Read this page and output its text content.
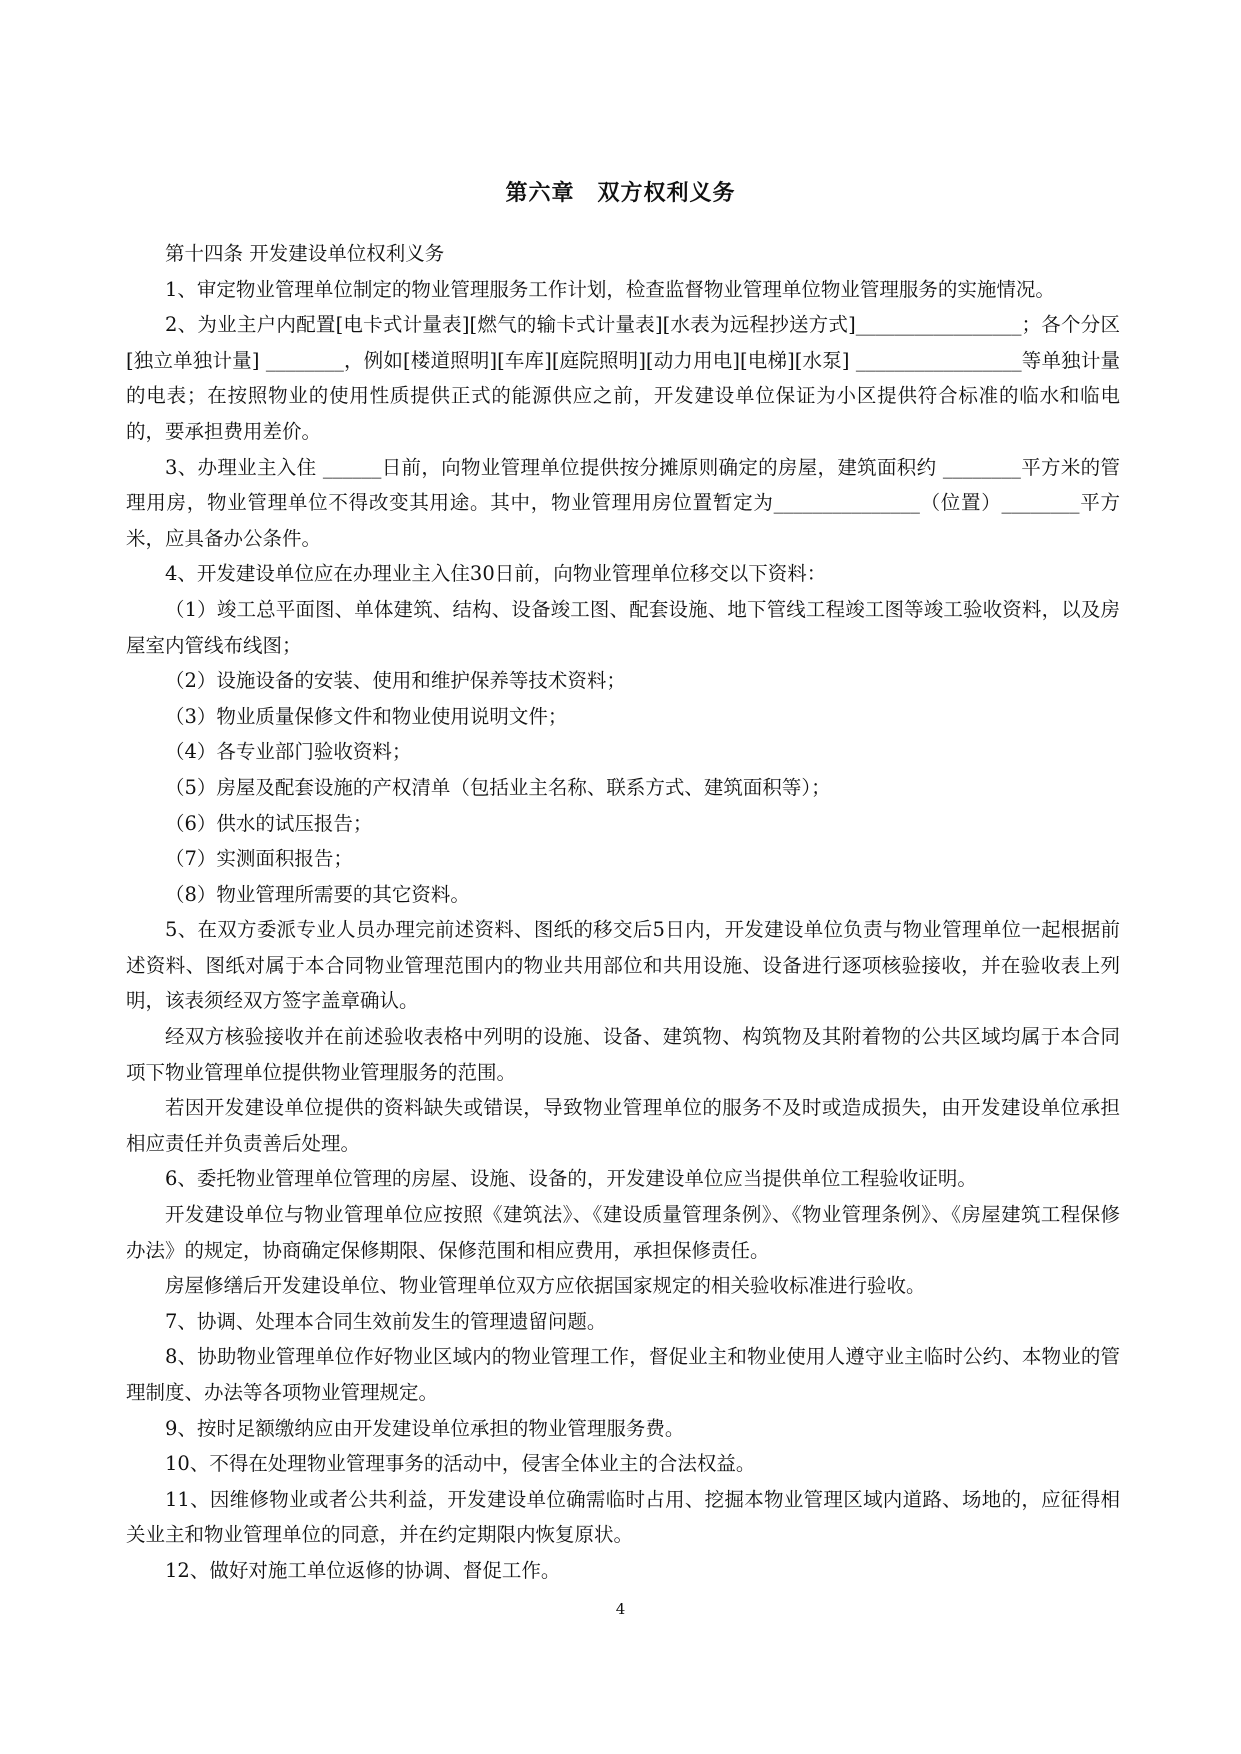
第六章　双方权利义务

第十四条 开发建设单位权利义务

1、审定物业管理单位制定的物业管理服务工作计划，检查监督物业管理单位物业管理服务的实施情况。

2、为业主户内配置[电卡式计量表][燃气的输卡式计量表][水表为远程抄送方式]_________________；各个分区[独立单独计量] ________，例如[楼道照明][车库][庭院照明][动力用电][电梯][水泵] _________________等单独计量的电表；在按照物业的使用性质提供正式的能源供应之前，开发建设单位保证为小区提供符合标准的临水和临电的，要承担费用差价。

3、办理业主入住 ______日前，向物业管理单位提供按分摊原则确定的房屋，建筑面积约 ________平方米的管理用房，物业管理单位不得改变其用途。其中，物业管理用房位置暂定为_______________（位置）________平方米，应具备办公条件。

4、开发建设单位应在办理业主入住30日前，向物业管理单位移交以下资料：

（1）竣工总平面图、单体建筑、结构、设备竣工图、配套设施、地下管线工程竣工图等竣工验收资料，以及房屋室内管线布线图；

（2）设施设备的安装、使用和维护保养等技术资料；

（3）物业质量保修文件和物业使用说明文件；

（4）各专业部门验收资料；

（5）房屋及配套设施的产权清单（包括业主名称、联系方式、建筑面积等）；

（6）供水的试压报告；

（7）实测面积报告；

（8）物业管理所需要的其它资料。

5、在双方委派专业人员办理完前述资料、图纸的移交后5日内，开发建设单位负责与物业管理单位一起根据前述资料、图纸对属于本合同物业管理范围内的物业共用部位和共用设施、设备进行逐项核验接收，并在验收表上列明，该表须经双方签字盖章确认。

经双方核验接收并在前述验收表格中列明的设施、设备、建筑物、构筑物及其附着物的公共区域均属于本合同项下物业管理单位提供物业管理服务的范围。

若因开发建设单位提供的资料缺失或错误，导致物业管理单位的服务不及时或造成损失，由开发建设单位承担相应责任并负责善后处理。

6、委托物业管理单位管理的房屋、设施、设备的，开发建设单位应当提供单位工程验收证明。

开发建设单位与物业管理单位应按照《建筑法》、《建设质量管理条例》、《物业管理条例》、《房屋建筑工程保修办法》的规定，协商确定保修期限、保修范围和相应费用，承担保修责任。

房屋修缮后开发建设单位、物业管理单位双方应依据国家规定的相关验收标准进行验收。

7、协调、处理本合同生效前发生的管理遗留问题。

8、协助物业管理单位作好物业区域内的物业管理工作，督促业主和物业使用人遵守业主临时公约、本物业的管理制度、办法等各项物业管理规定。

9、按时足额缴纳应由开发建设单位承担的物业管理服务费。

10、不得在处理物业管理事务的活动中，侵害全体业主的合法权益。

11、因维修物业或者公共利益，开发建设单位确需临时占用、挖掘本物业管理区域内道路、场地的，应征得相关业主和物业管理单位的同意，并在约定期限内恢复原状。

12、做好对施工单位返修的协调、督促工作。

4
